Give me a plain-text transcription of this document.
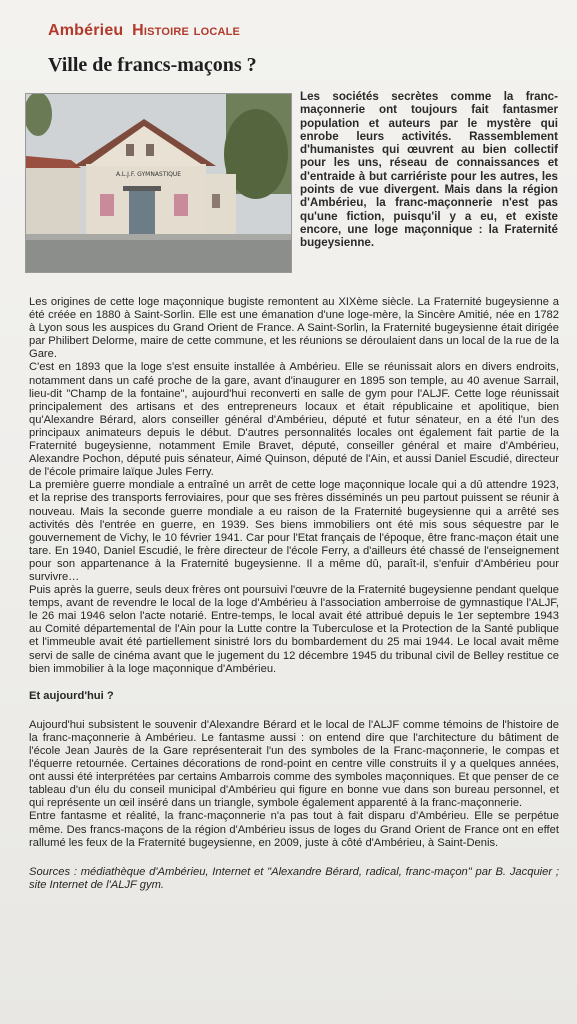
Ambérieu Histoire locale
Ville de francs-maçons ?
A.L.J.F. GYMNASTIQUE
Les sociétés secrètes comme la franc-maçonnerie ont toujours fait fantasmer population et auteurs par le mystère qui enrobe leurs activités. Rassemblement d'humanistes qui œuvrent au bien collectif pour les uns, réseau de connaissances et d'entraide à but carriériste pour les autres, les points de vue divergent. Mais dans la région d'Ambérieu, la franc-maçonnerie n'est pas qu'une fiction, puisqu'il y a eu, et existe encore, une loge maçonnique : la Fraternité bugeysienne.

Les origines de cette loge maçonnique bugiste remontent au XIXème siècle. La Fraternité bugeysienne a été créée en 1880 à Saint-Sorlin. Elle est une émanation d'une loge-mère, la Sincère Amitié, née en 1782 à Lyon sous les auspices du Grand Orient de France. A Saint-Sorlin, la Fraternité bugeysienne était dirigée par Philibert Delorme, maire de cette commune, et les réunions se déroulaient dans un local de la rue de la Gare.

C'est en 1893 que la loge s'est ensuite installée à Ambérieu. Elle se réunissait alors en divers endroits, notamment dans un café proche de la gare, avant d'inaugurer en 1895 son temple, au 40 avenue Sarrail, lieu-dit "Champ de la fontaine", aujourd'hui reconverti en salle de gym pour l'ALJF. Cette loge réunissait principalement des artisans et des entrepreneurs locaux et était républicaine et apolitique, bien qu'Alexandre Bérard, alors conseiller général d'Ambérieu, député et futur sénateur, en a été l'un des principaux animateurs depuis le début. D'autres personnalités locales ont également fait partie de la Fraternité bugeysienne, notamment Emile Bravet, député, conseiller général et maire d'Ambérieu, Alexandre Pochon, député puis sénateur, Aimé Quinson, député de l'Ain, et aussi Daniel Escudié, directeur de l'école primaire laïque Jules Ferry.

La première guerre mondiale a entraîné un arrêt de cette loge maçonnique locale qui a dû attendre 1923, et la reprise des transports ferroviaires, pour que ses frères disséminés un peu partout puissent se réunir à nouveau. Mais la seconde guerre mondiale a eu raison de la Fraternité bugeysienne qui a arrêté ses activités dès l'entrée en guerre, en 1939. Ses biens immobiliers ont été mis sous séquestre par le gouvernement de Vichy, le 10 février 1941. Car pour l'Etat français de l'époque, être franc-maçon était une tare. En 1940, Daniel Escudié, le frère directeur de l'école Ferry, a d'ailleurs été chassé de l'enseignement pour son appartenance à la Fraternité bugeysienne. Il a même dû, paraît-il, s'enfuir d'Ambérieu pour survivre…

Puis après la guerre, seuls deux frères ont poursuivi l'œuvre de la Fraternité bugeysienne pendant quelque temps, avant de revendre le local de la loge d'Ambérieu à l'association amberroise de gymnastique l'ALJF, le 26 mai 1946 selon l'acte notarié. Entre-temps, le local avait été attribué depuis le 1er septembre 1943 au Comité départemental de l'Ain pour la Lutte contre la Tuberculose et la Protection de la Santé publique et l'immeuble avait été partiellement sinistré lors du bombardement du 25 mai 1944. Le local avait même servi de salle de cinéma avant que le jugement du 12 décembre 1945 du tribunal civil de Belley restitue ce bien immobilier à la loge maçonnique d'Ambérieu.

Et aujourd'hui ?

Aujourd'hui subsistent le souvenir d'Alexandre Bérard et le local de l'ALJF comme témoins de l'histoire de la franc-maçonnerie à Ambérieu. Le fantasme aussi : on entend dire que l'architecture du bâtiment de l'école Jean Jaurès de la Gare représenterait l'un des symboles de la Franc-maçonnerie, le compas et l'équerre retournée. Certaines décorations de rond-point en centre ville construits il y a quelques années, ont aussi été interprétées par certains Ambarrois comme des symboles maçonniques. Et que penser de ce tableau d'un élu du conseil municipal d'Ambérieu qui figure en bonne vue dans son bureau personnel, et qui représente un œil inséré dans un triangle, symbole également apparenté à la franc-maçonnerie.

Entre fantasme et réalité, la franc-maçonnerie n'a pas tout à fait disparu d'Ambérieu. Elle se perpétue même. Des francs-maçons de la région d'Ambérieu issus de loges du Grand Orient de France ont en effet rallumé les feux de la Fraternité bugeysienne, en 2009, juste à côté d'Ambérieu, à Saint-Denis.

Sources : médiathèque d'Ambérieu, Internet et "Alexandre Bérard, radical, franc-maçon" par B. Jacquier ; site Internet de l'ALJF gym.
